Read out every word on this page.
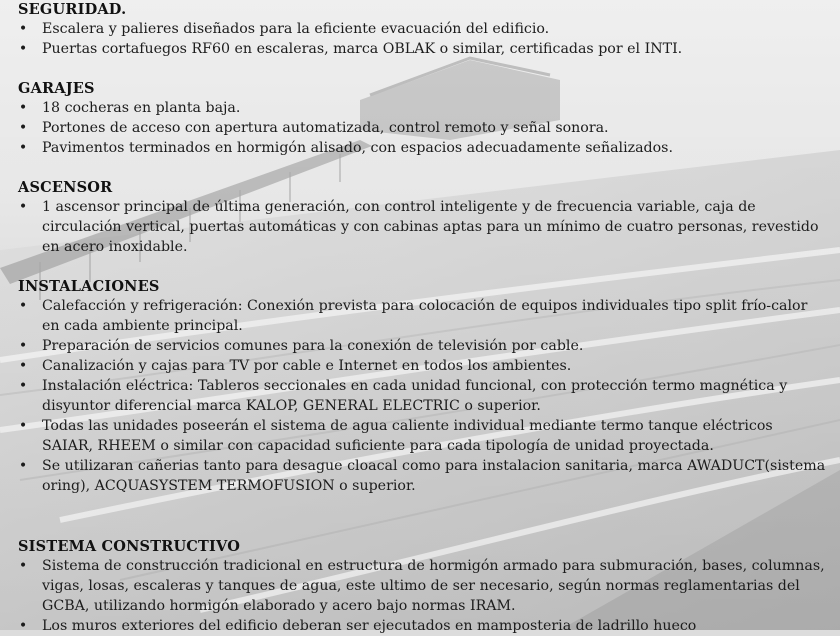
SEGURIDAD.
• Escalera y palieres diseñados para la eficiente evacuación del edificio.
• Puertas cortafuegos RF60 en escaleras, marca OBLAK o similar, certificadas por el INTI.
GARAJES
• 18 cocheras en planta baja.
• Portones de acceso con apertura automatizada, control remoto y señal sonora.
• Pavimentos terminados en hormigón alisado, con espacios adecuadamente señalizados.
ASCENSOR
• 1 ascensor principal de última generación, con control inteligente y de frecuencia variable, caja de circulación vertical, puertas automáticas y con cabinas aptas para un mínimo de cuatro personas, revestido en acero inoxidable.
INSTALACIONES
• Calefacción y refrigeración: Conexión prevista para colocación de equipos individuales tipo split frío-calor en cada ambiente principal.
• Preparación de servicios comunes para la conexión de televisión por cable.
• Canalización y cajas para TV por cable e Internet en todos los ambientes.
• Instalación eléctrica: Tableros seccionales en cada unidad funcional, con protección termo magnética y disyuntor diferencial marca KALOP, GENERAL ELECTRIC o superior.
• Todas las unidades poseerán el sistema de agua caliente individual mediante termo tanque eléctricos SAIAR, RHEEM o similar con capacidad suficiente para cada tipología de unidad proyectada.
• Se utilizaran cañerias tanto para desague cloacal como para instalacion sanitaria, marca AWADUCT(sistema oring), ACQUASYSTEM TERMOFUSION o superior.
SISTEMA CONSTRUCTIVO
• Sistema de construcción tradicional en estructura de hormigón armado para submuración, bases, columnas, vigas, losas, escaleras y tanques de agua, este ultimo de ser necesario, según normas reglamentarias del GCBA, utilizando hormigón elaborado y acero bajo normas IRAM.
• Los muros exteriores del edificio deberan ser ejecutados en mamposteria de ladrillo hueco
